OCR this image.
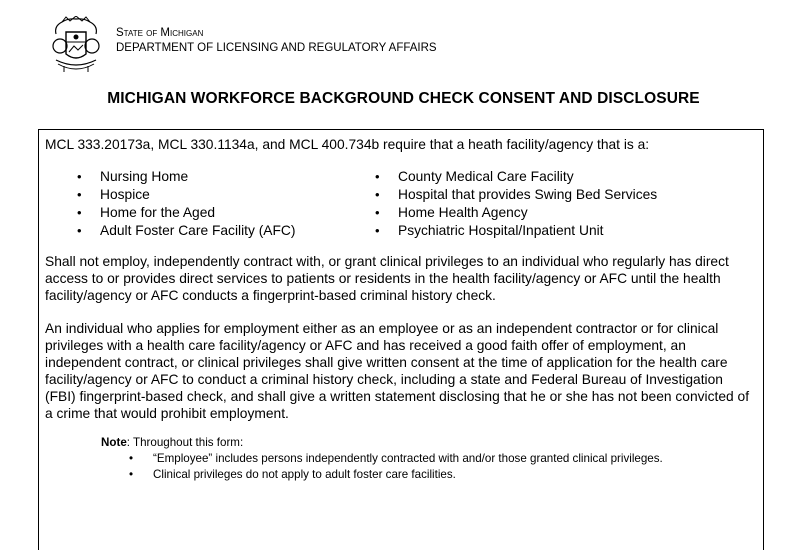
State of Michigan
DEPARTMENT OF LICENSING AND REGULATORY AFFAIRS
MICHIGAN WORKFORCE BACKGROUND CHECK CONSENT AND DISCLOSURE

MCL 333.20173a, MCL 330.1134a, and MCL 400.734b require that a heath facility/agency that is a:

• Nursing Home
• Hospice
• Home for the Aged
• Adult Foster Care Facility (AFC)
• County Medical Care Facility
• Hospital that provides Swing Bed Services
• Home Health Agency
• Psychiatric Hospital/Inpatient Unit

Shall not employ, independently contract with, or grant clinical privileges to an individual who regularly has direct access to or provides direct services to patients or residents in the health facility/agency or AFC until the health facility/agency or AFC conducts a fingerprint-based criminal history check.

An individual who applies for employment either as an employee or as an independent contractor or for clinical privileges with a health care facility/agency or AFC and has received a good faith offer of employment, an independent contract, or clinical privileges shall give written consent at the time of application for the health care facility/agency or AFC to conduct a criminal history check, including a state and Federal Bureau of Investigation (FBI) fingerprint-based check, and shall give a written statement disclosing that he or she has not been convicted of a crime that would prohibit employment.

Note: Throughout this form:
• “Employee” includes persons independently contracted with and/or those granted clinical privileges.
• Clinical privileges do not apply to adult foster care facilities.
